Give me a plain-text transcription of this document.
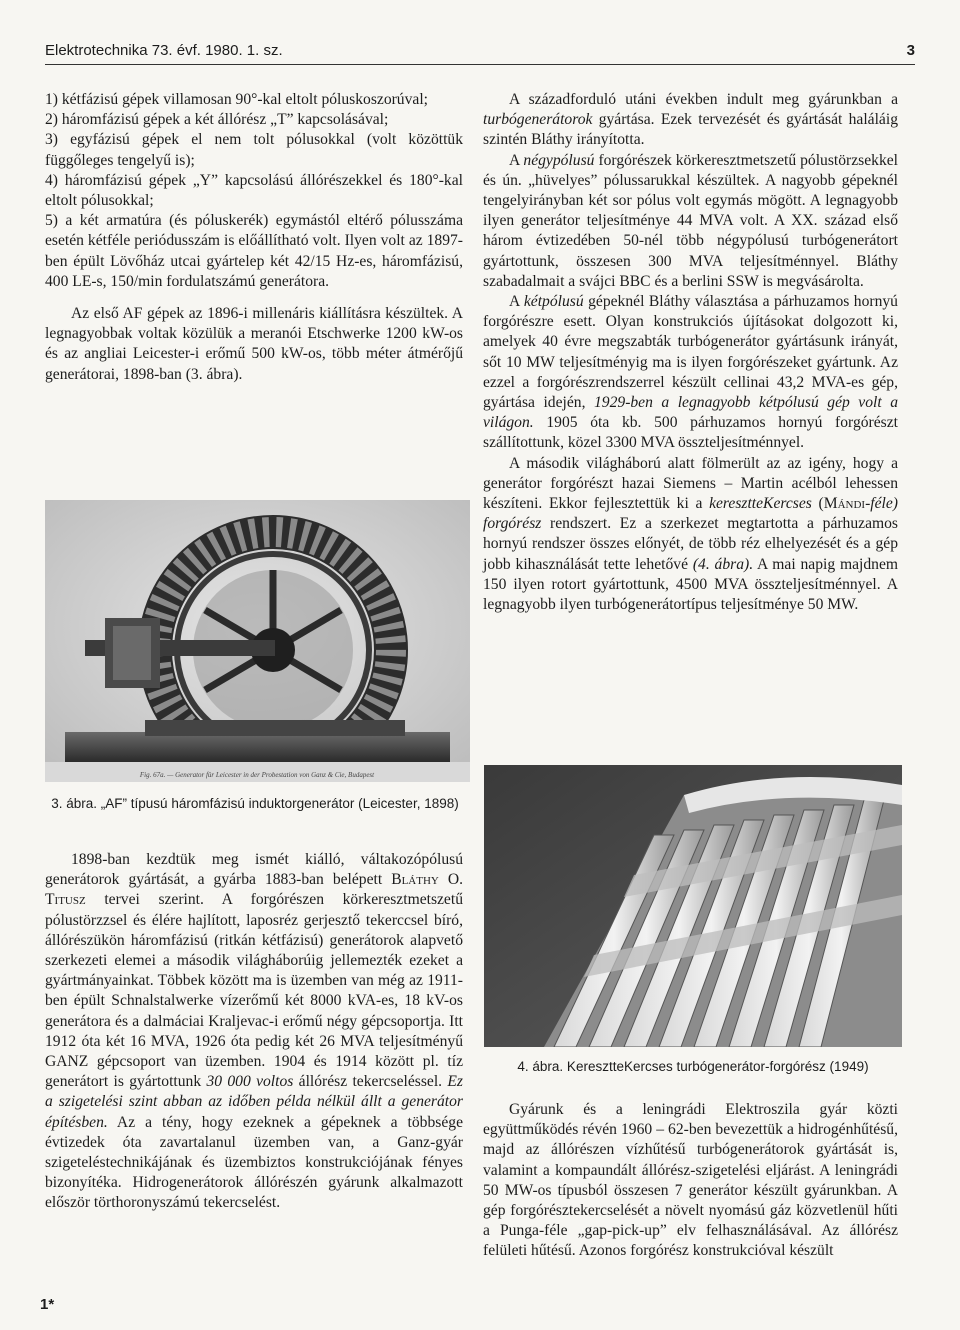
Elektrotechnika 73. évf. 1980. 1. sz.	3

1) kétfázisú gépek villamosan 90°-kal eltolt póluskoszorúval;

2) háromfázisú gépek a két állórész „T” kapcsolásával;

3) egyfázisú gépek el nem tolt pólusokkal (volt közöttük függőleges tengelyű is);

4) háromfázisú gépek „Y” kapcsolású állórészekkel és 180°-kal eltolt pólusokkal;

5) a két armatúra (és póluskerék) egymástól eltérő pólusszáma esetén kétféle periódusszám is előállítható volt. Ilyen volt az 1897-ben épült Lövőház utcai gyártelep két 42/15 Hz-es, háromfázisú, 400 LE-s, 150/min fordulatszámú generátora.

Az első AF gépek az 1896-i millenáris kiállításra készültek. A legnagyobbak voltak közülük a meranói Etschwerke 1200 kW-os és az angliai Leicester-i erőmű 500 kW-os, több méter átmérőjű generátorai, 1898-ban (3. ábra).

Fig. 67a. — Generator für Leicester in der Probestation von Ganz & Cie, Budapest
3. ábra. „AF” típusú háromfázisú induktorgenerátor (Leicester, 1898)

1898-ban kezdtük meg ismét kiálló, váltakozópólusú generátorok gyártását, a gyárba 1883-ban belépett Bláthy O. Titusz tervei szerint. A forgórészen körkeresztmetszetű pólustörzzsel és élére hajlított, laposréz gerjesztő tekerccsel bíró, állórészükön háromfázisú (ritkán kétfázisú) generátorok alapvető szerkezeti elemei a második világháborúig jellemezték ezeket a gyártmányainkat. Többek között ma is üzemben van még az 1911-ben épült Schnalstalwerke vízerőmű két 8000 kVA-es, 18 kV-os generátora és a dalmáciai Kraljevac-i erőmű négy gépcsoportja. Itt 1912 óta két 16 MVA, 1926 óta pedig két 26 MVA teljesítményű GANZ gépcsoport van üzemben. 1904 és 1914 között pl. tíz generátort is gyártottunk 30 000 voltos állórész tekercseléssel. Ez a szigetelési szint abban az időben példa nélkül állt a generátor építésben. Az a tény, hogy ezeknek a gépeknek a többsége évtizedek óta zavartalanul üzemben van, a Ganz-gyár szigeteléstechnikájának és üzembiztos konstrukciójának fényes bizonyítéka. Hidrogenerátorok állórészén gyárunk alkalmazott először törthoronyszámú tekercselést.

A századforduló utáni években indult meg gyárunkban a turbógenerátorok gyártása. Ezek tervezését és gyártását haláláig szintén Bláthy irányította.

A négypólusú forgórészek körkeresztmetszetű pólustörzsekkel és ún. „hüvelyes” pólussarukkal készültek. A nagyobb gépeknél tengelyirányban két sor pólus volt egymás mögött. A legnagyobb ilyen generátor teljesítménye 44 MVA volt. A XX. század első három évtizedében 50-nél több négypólusú turbógenerátort gyártottunk, összesen 300 MVA teljesítménnyel. Bláthy szabadalmait a svájci BBC és a berlini SSW is megvásárolta.

A kétpólusú gépeknél Bláthy választása a párhuzamos hornyú forgórészre esett. Olyan konstrukciós újításokat dolgozott ki, amelyek 40 évre megszabták turbógenerátor gyártásunk irányát, sőt 10 MW teljesítményig ma is ilyen forgórészeket gyártunk. Az ezzel a forgórészrendszerrel készült cellinai 43,2 MVA-es gép, gyártása idején, 1929-ben a legnagyobb kétpólusú gép volt a világon. 1905 óta kb. 500 párhuzamos hornyú forgórészt szállítottunk, közel 3300 MVA összteljesítménnyel.

A második világháború alatt fölmerült az az igény, hogy a generátor forgórészt hazai Siemens – Martin acélból lehessen készíteni. Ekkor fejlesztettük ki a keresztteKercses (Mándi-féle) forgórész rendszert. Ez a szerkezet megtartotta a párhuzamos hornyú rendszer összes előnyét, de több réz elhelyezését és a gép jobb kihasználását tette lehetővé (4. ábra). A mai napig majdnem 150 ilyen rotort gyártottunk, 4500 MVA összteljesítménnyel. A legnagyobb ilyen turbógenerátortípus teljesítménye 50 MW.

4. ábra. KeresztteKercses turbógenerátor-forgórész (1949)

Gyárunk és a leningrádi Elektroszila gyár közti együttműködés révén 1960 – 62-ben bevezettük a hidrogénhűtésű, majd az állórészen vízhűtésű turbógenerátorok gyártását is, valamint a kompaundált állórész-szigetelési eljárást. A leningrádi 50 MW-os típusból összesen 7 generátor készült gyárunkban. A gép forgórésztekercselését a növelt nyomású gáz közvetlenül hűti a Punga-féle „gap-pick-up” elv felhasználásával. Az állórész felületi hűtésű. Azonos forgórész konstrukcióval készült

1*
